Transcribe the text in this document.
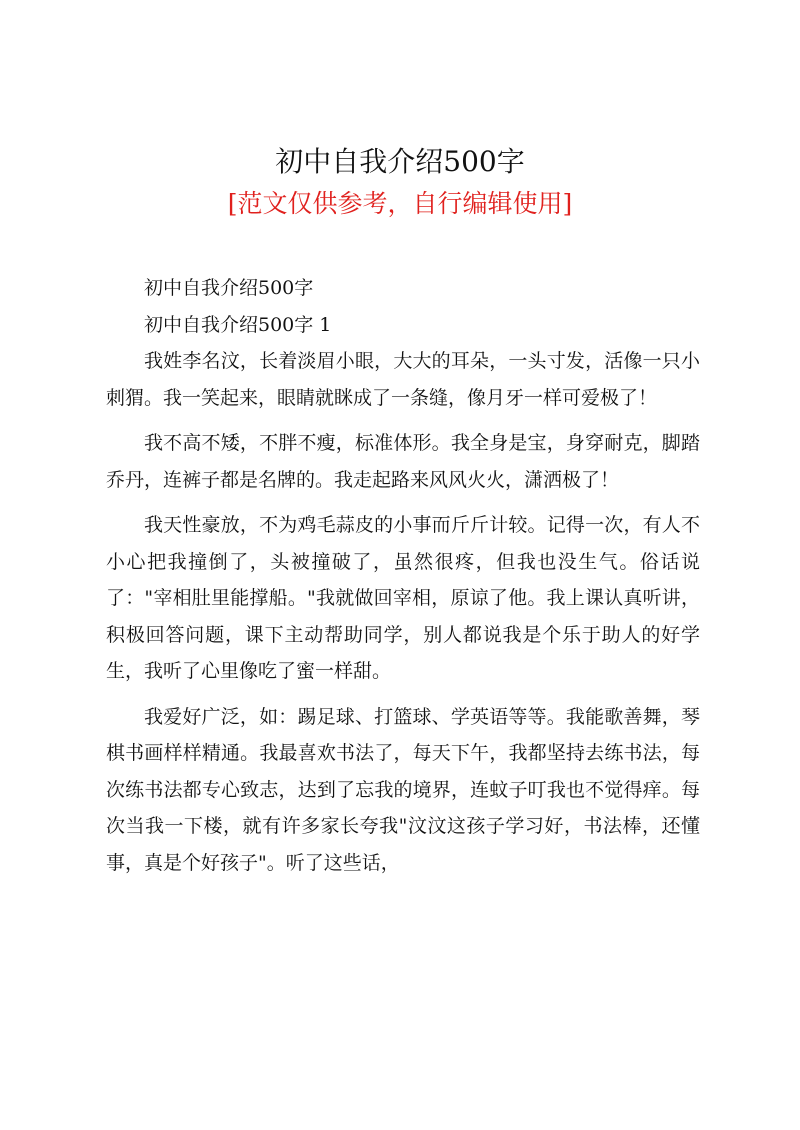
初中自我介绍500字
[范文仅供参考，自行编辑使用]

初中自我介绍500字

初中自我介绍500字 1

我姓李名汶，长着淡眉小眼，大大的耳朵，一头寸发，活像一只小刺猬。我一笑起来，眼睛就眯成了一条缝，像月牙一样可爱极了！

我不高不矮，不胖不瘦，标准体形。我全身是宝，身穿耐克，脚踏乔丹，连裤子都是名牌的。我走起路来风风火火，潇洒极了！

我天性豪放，不为鸡毛蒜皮的小事而斤斤计较。记得一次，有人不小心把我撞倒了，头被撞破了，虽然很疼，但我也没生气。俗话说了："宰相肚里能撑船。"我就做回宰相，原谅了他。我上课认真听讲，积极回答问题，课下主动帮助同学，别人都说我是个乐于助人的好学生，我听了心里像吃了蜜一样甜。

我爱好广泛，如：踢足球、打篮球、学英语等等。我能歌善舞，琴棋书画样样精通。我最喜欢书法了，每天下午，我都坚持去练书法，每次练书法都专心致志，达到了忘我的境界，连蚊子叮我也不觉得痒。每次当我一下楼，就有许多家长夸我"汶汶这孩子学习好，书法棒，还懂事，真是个好孩子"。听了这些话，
